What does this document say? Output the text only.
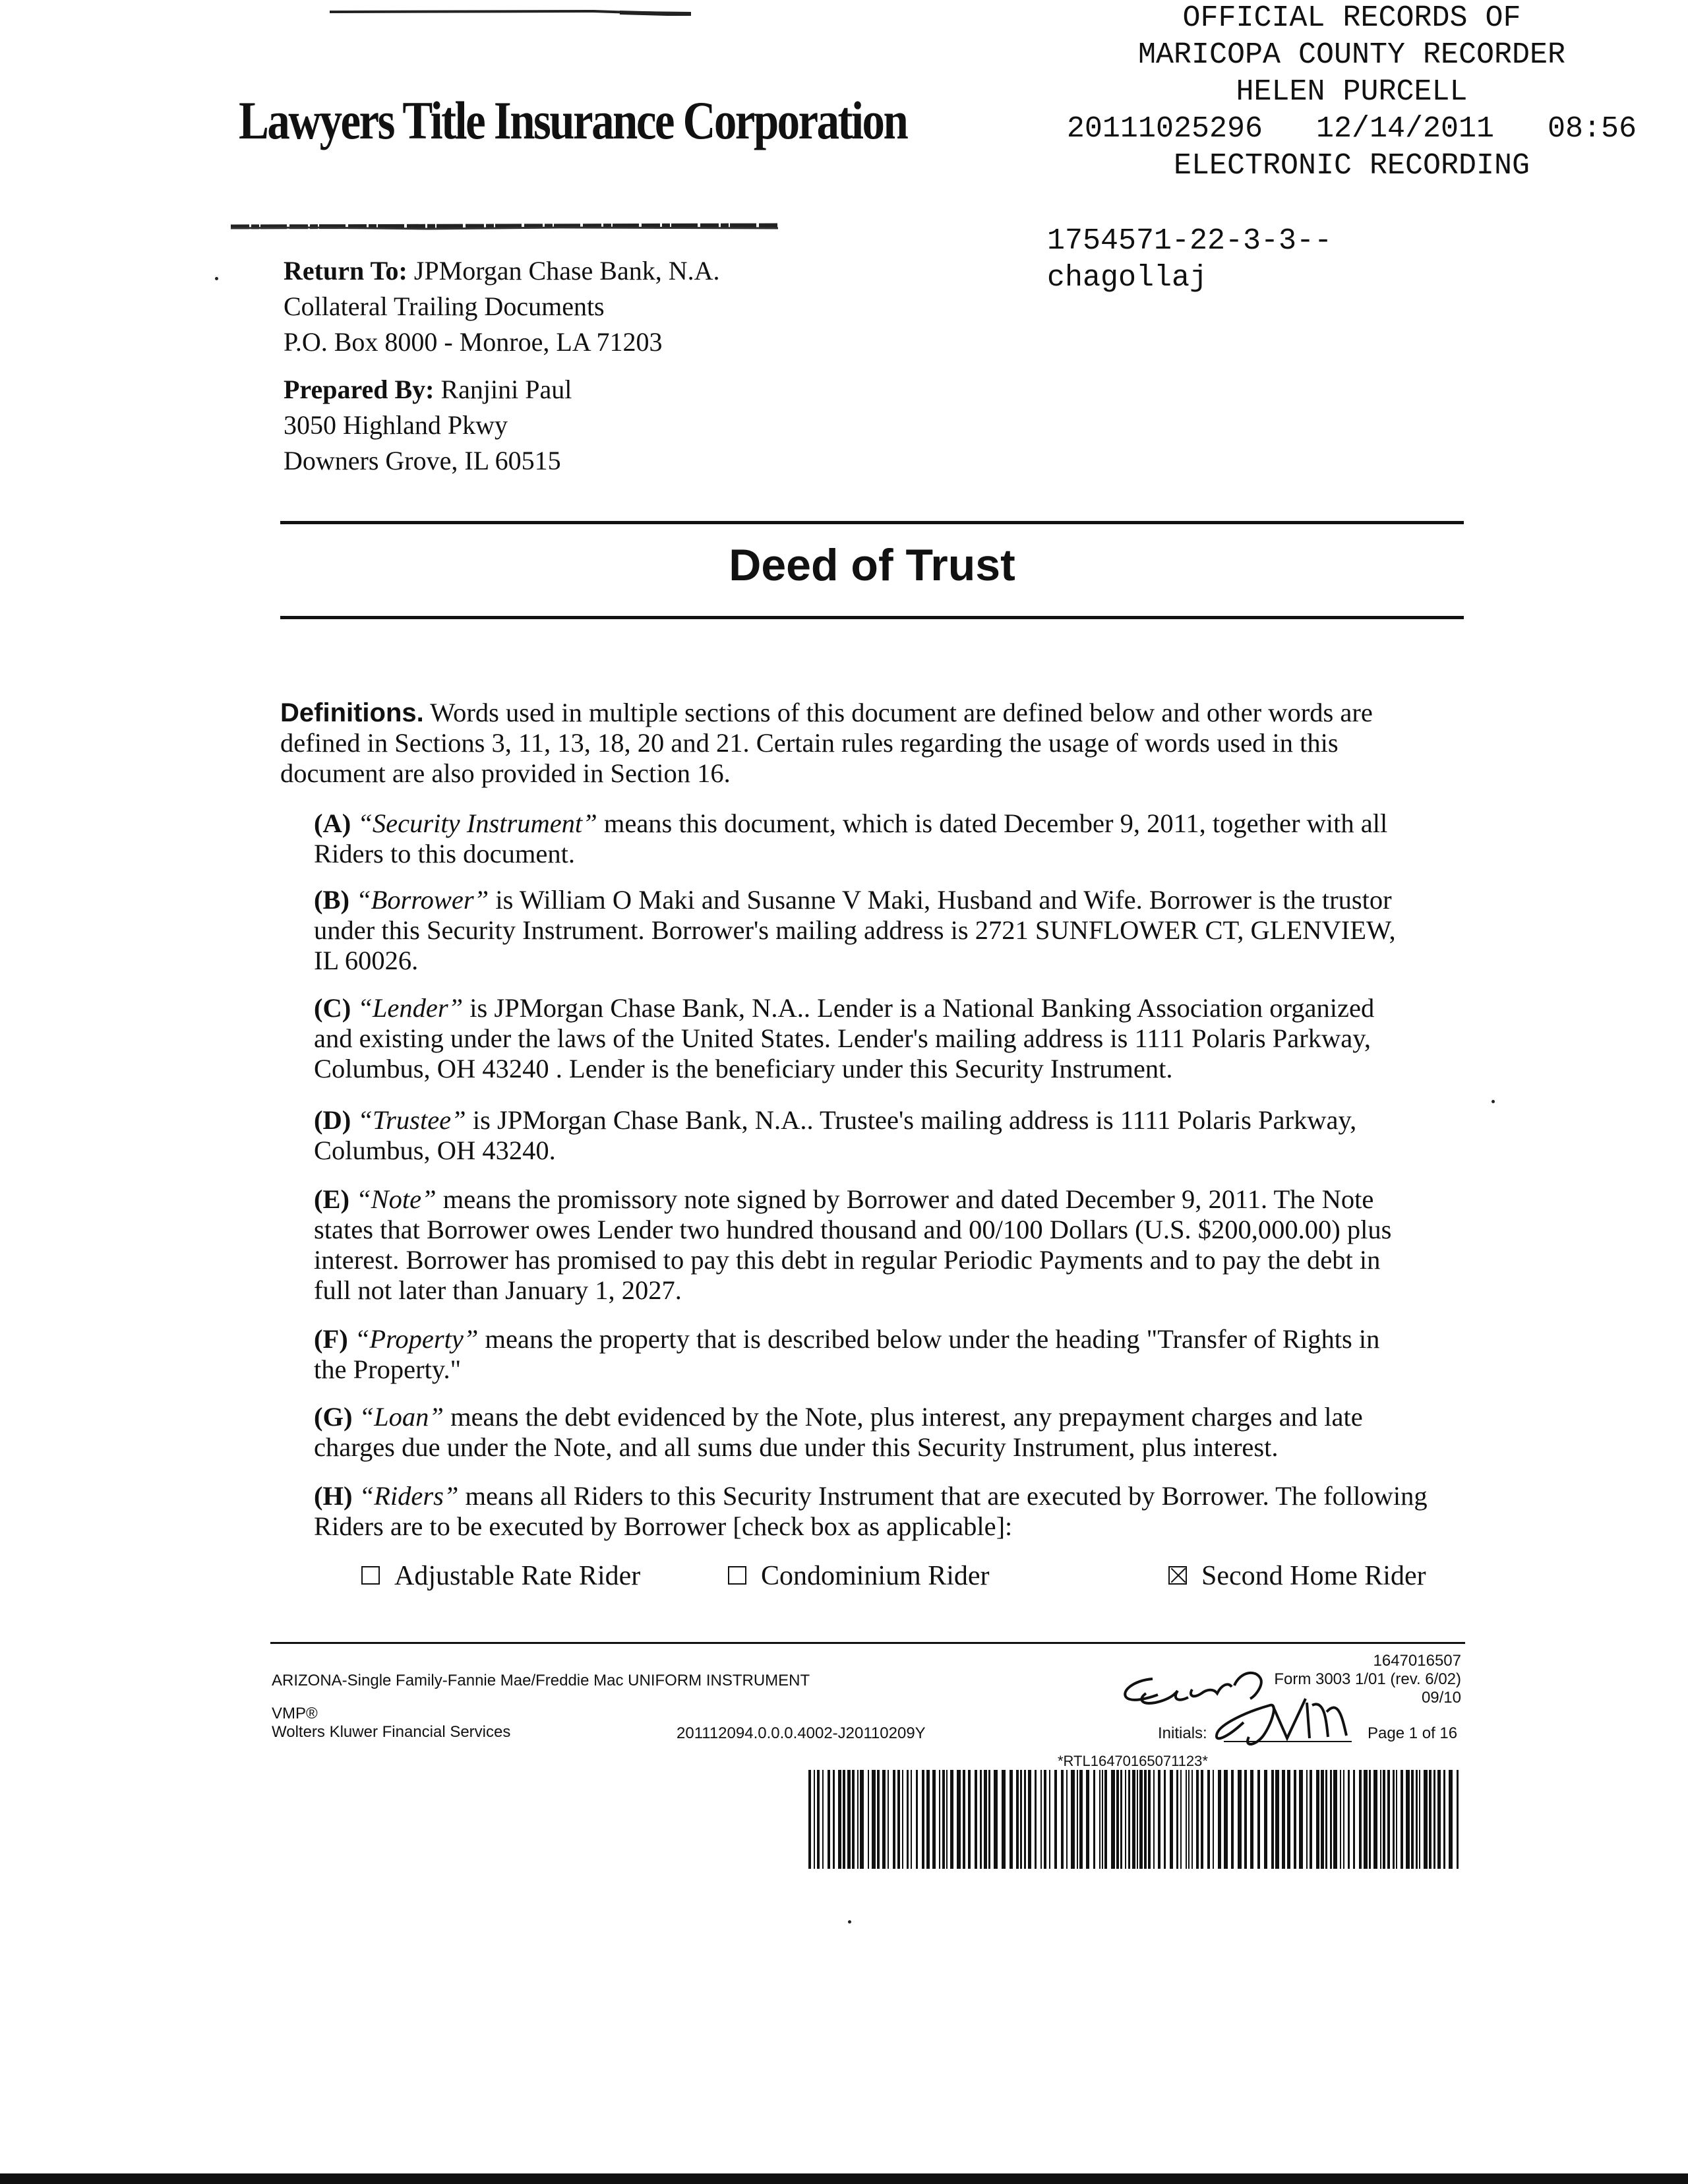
Lawyers Title Insurance Corporation
OFFICIAL RECORDS OF
MARICOPA COUNTY RECORDER
HELEN PURCELL
20111025296   12/14/2011   08:56
ELECTRONIC RECORDING
1754571-22-3-3--
chagollaj
Return To: JPMorgan Chase Bank, N.A.
Collateral Trailing Documents
P.O. Box 8000 - Monroe, LA 71203
Prepared By: Ranjini Paul
3050 Highland Pkwy
Downers Grove, IL 60515
Deed of Trust
Definitions. Words used in multiple sections of this document are defined below and other words are
defined in Sections 3, 11, 13, 18, 20 and 21. Certain rules regarding the usage of words used in this
document are also provided in Section 16.
(A) “Security Instrument” means this document, which is dated December 9, 2011, together with all
Riders to this document.
(B) “Borrower” is William O Maki and Susanne V Maki, Husband and Wife. Borrower is the trustor
under this Security Instrument. Borrower's mailing address is 2721 SUNFLOWER CT, GLENVIEW,
IL 60026.
(C) “Lender” is JPMorgan Chase Bank, N.A.. Lender is a National Banking Association organized
and existing under the laws of the United States. Lender's mailing address is 1111 Polaris Parkway,
Columbus, OH 43240 . Lender is the beneficiary under this Security Instrument.
(D) “Trustee” is JPMorgan Chase Bank, N.A.. Trustee's mailing address is 1111 Polaris Parkway,
Columbus, OH 43240.
(E) “Note” means the promissory note signed by Borrower and dated December 9, 2011. The Note
states that Borrower owes Lender two hundred thousand and 00/100 Dollars (U.S. $200,000.00) plus
interest. Borrower has promised to pay this debt in regular Periodic Payments and to pay the debt in
full not later than January 1, 2027.
(F) “Property” means the property that is described below under the heading "Transfer of Rights in
the Property."
(G) “Loan” means the debt evidenced by the Note, plus interest, any prepayment charges and late
charges due under the Note, and all sums due under this Security Instrument, plus interest.
(H) “Riders” means all Riders to this Security Instrument that are executed by Borrower. The following
Riders are to be executed by Borrower [check box as applicable]:
Adjustable Rate Rider	Condominium Rider	Second Home Rider
1647016507
ARIZONA-Single Family-Fannie Mae/Freddie Mac UNIFORM INSTRUMENT	Form 3003 1/01 (rev. 6/02)
09/10
VMP®
Wolters Kluwer Financial Services	201112094.0.0.0.4002-J20110209Y	Initials:	Page 1 of 16
*RTL16470165071123*
